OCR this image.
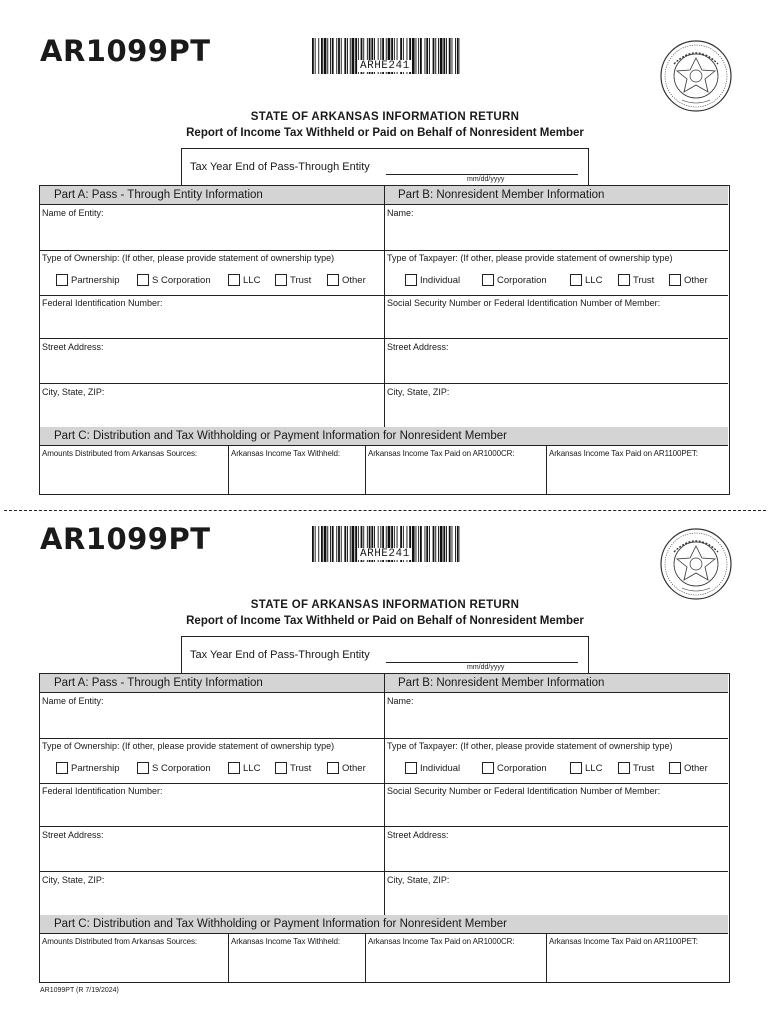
AR1099PT	ARHE241
STATE OF ARKANSAS INFORMATION RETURN
Report of Income Tax Withheld or Paid on Behalf of Nonresident Member
Tax Year End of Pass-Through Entity
mm/dd/yyyy
Part A: Pass - Through Entity Information	Part B: Nonresident Member Information
Name of Entity:
Type of Ownership: (If other, please provide statement of ownership type)
Partnership	S Corporation	LLC	Trust	Other
Federal Identification Number:
Street Address:
City, State, ZIP:
Name:
Type of Taxpayer: (If other, please provide statement of ownership type)
Individual	Corporation	LLC	Trust	Other
Social Security Number or Federal Identification Number of Member:
Street Address:
City, State, ZIP:
Part C: Distribution and Tax Withholding or Payment Information for Nonresident Member
Amounts Distributed from Arkansas Sources:	Arkansas Income Tax Withheld:	Arkansas Income Tax Paid on AR1000CR:	Arkansas Income Tax Paid on AR1100PET:
AR1099PT	ARHE241
STATE OF ARKANSAS INFORMATION RETURN
Report of Income Tax Withheld or Paid on Behalf of Nonresident Member
Tax Year End of Pass-Through Entity
mm/dd/yyyy
Part A: Pass - Through Entity Information	Part B: Nonresident Member Information
Name of Entity:
Type of Ownership: (If other, please provide statement of ownership type)
Partnership	S Corporation	LLC	Trust	Other
Federal Identification Number:
Street Address:
City, State, ZIP:
Name:
Type of Taxpayer: (If other, please provide statement of ownership type)
Individual	Corporation	LLC	Trust	Other
Social Security Number or Federal Identification Number of Member:
Street Address:
City, State, ZIP:
Part C: Distribution and Tax Withholding or Payment Information for Nonresident Member
Amounts Distributed from Arkansas Sources:	Arkansas Income Tax Withheld:	Arkansas Income Tax Paid on AR1000CR:	Arkansas Income Tax Paid on AR1100PET:
AR1099PT (R 7/19/2024)
